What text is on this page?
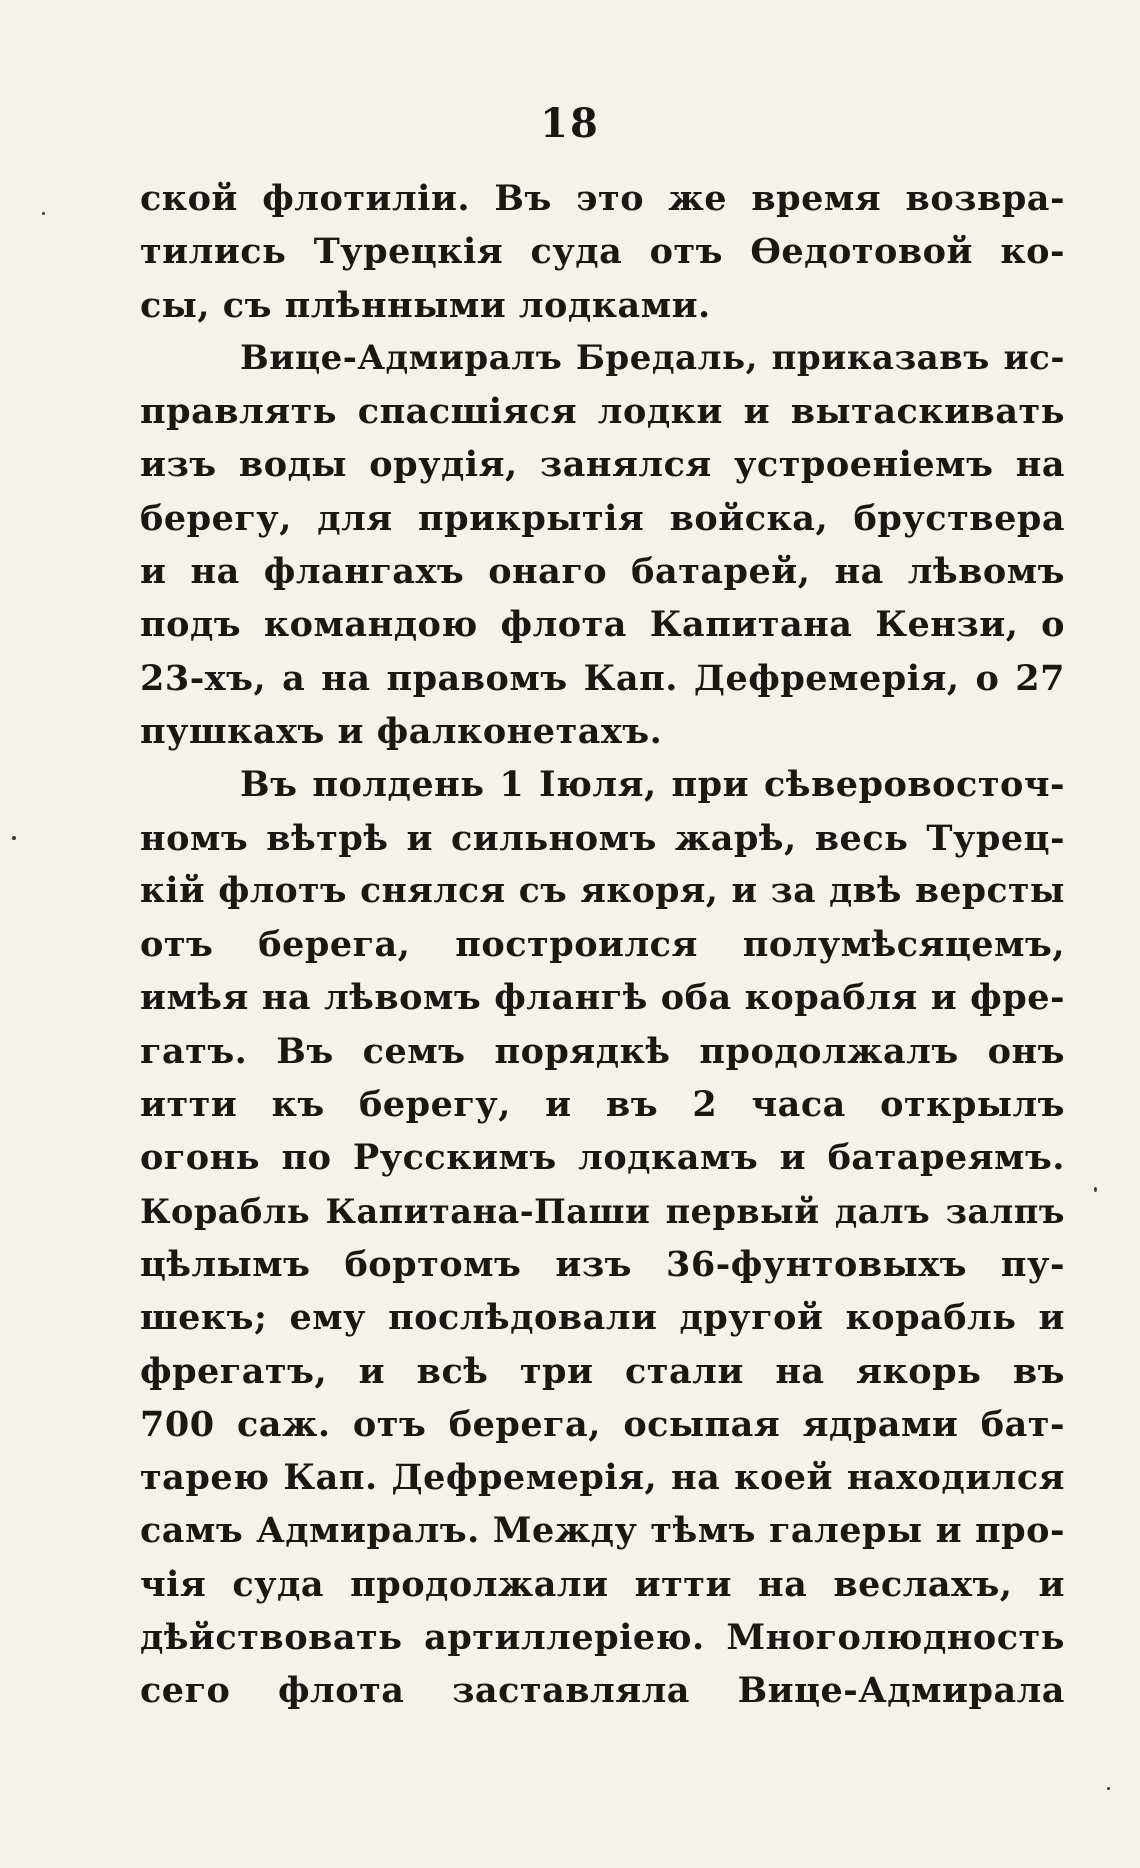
18
ской флотиліи. Въ это же время возвра-
тились Турецкія суда отъ Ѳедотовой ко-
сы, съ плѣнными лодками.
Вице-Адмиралъ Бредаль, приказавъ ис-
правлять спасшіяся лодки и вытаскивать
изъ воды орудія, занялся устроеніемъ на
берегу, для прикрытія войска, бруствера
и на флангахъ онаго батарей, на лѣвомъ
подъ командою флота Капитана Кензи, о
23-хъ, а на правомъ Кап. Дефремерія, о 27
пушкахъ и фалконетахъ.
Въ полдень 1 Іюля, при сѣверовосточ-
номъ вѣтрѣ и сильномъ жарѣ, весь Турец-
кій флотъ снялся съ якоря, и за двѣ версты
отъ берега, построился полумѣсяцемъ,
имѣя на лѣвомъ флангѣ оба корабля и фре-
гатъ. Въ семъ порядкѣ продолжалъ онъ
итти къ берегу, и въ 2 часа открылъ
огонь по Русскимъ лодкамъ и батареямъ.
Корабль Капитана-Паши первый далъ залпъ
цѣлымъ бортомъ изъ 36-фунтовыхъ пу-
шекъ; ему послѣдовали другой корабль и
фрегатъ, и всѣ три стали на якорь въ
700 саж. отъ берега, осыпая ядрами бат-
тарею Кап. Дефремерія, на коей находился
самъ Адмиралъ. Между тѣмъ галеры и про-
чія суда продолжали итти на веслахъ, и
дѣйствовать артиллеріею. Многолюдность
сего флота заставляла Вице-Адмирала
